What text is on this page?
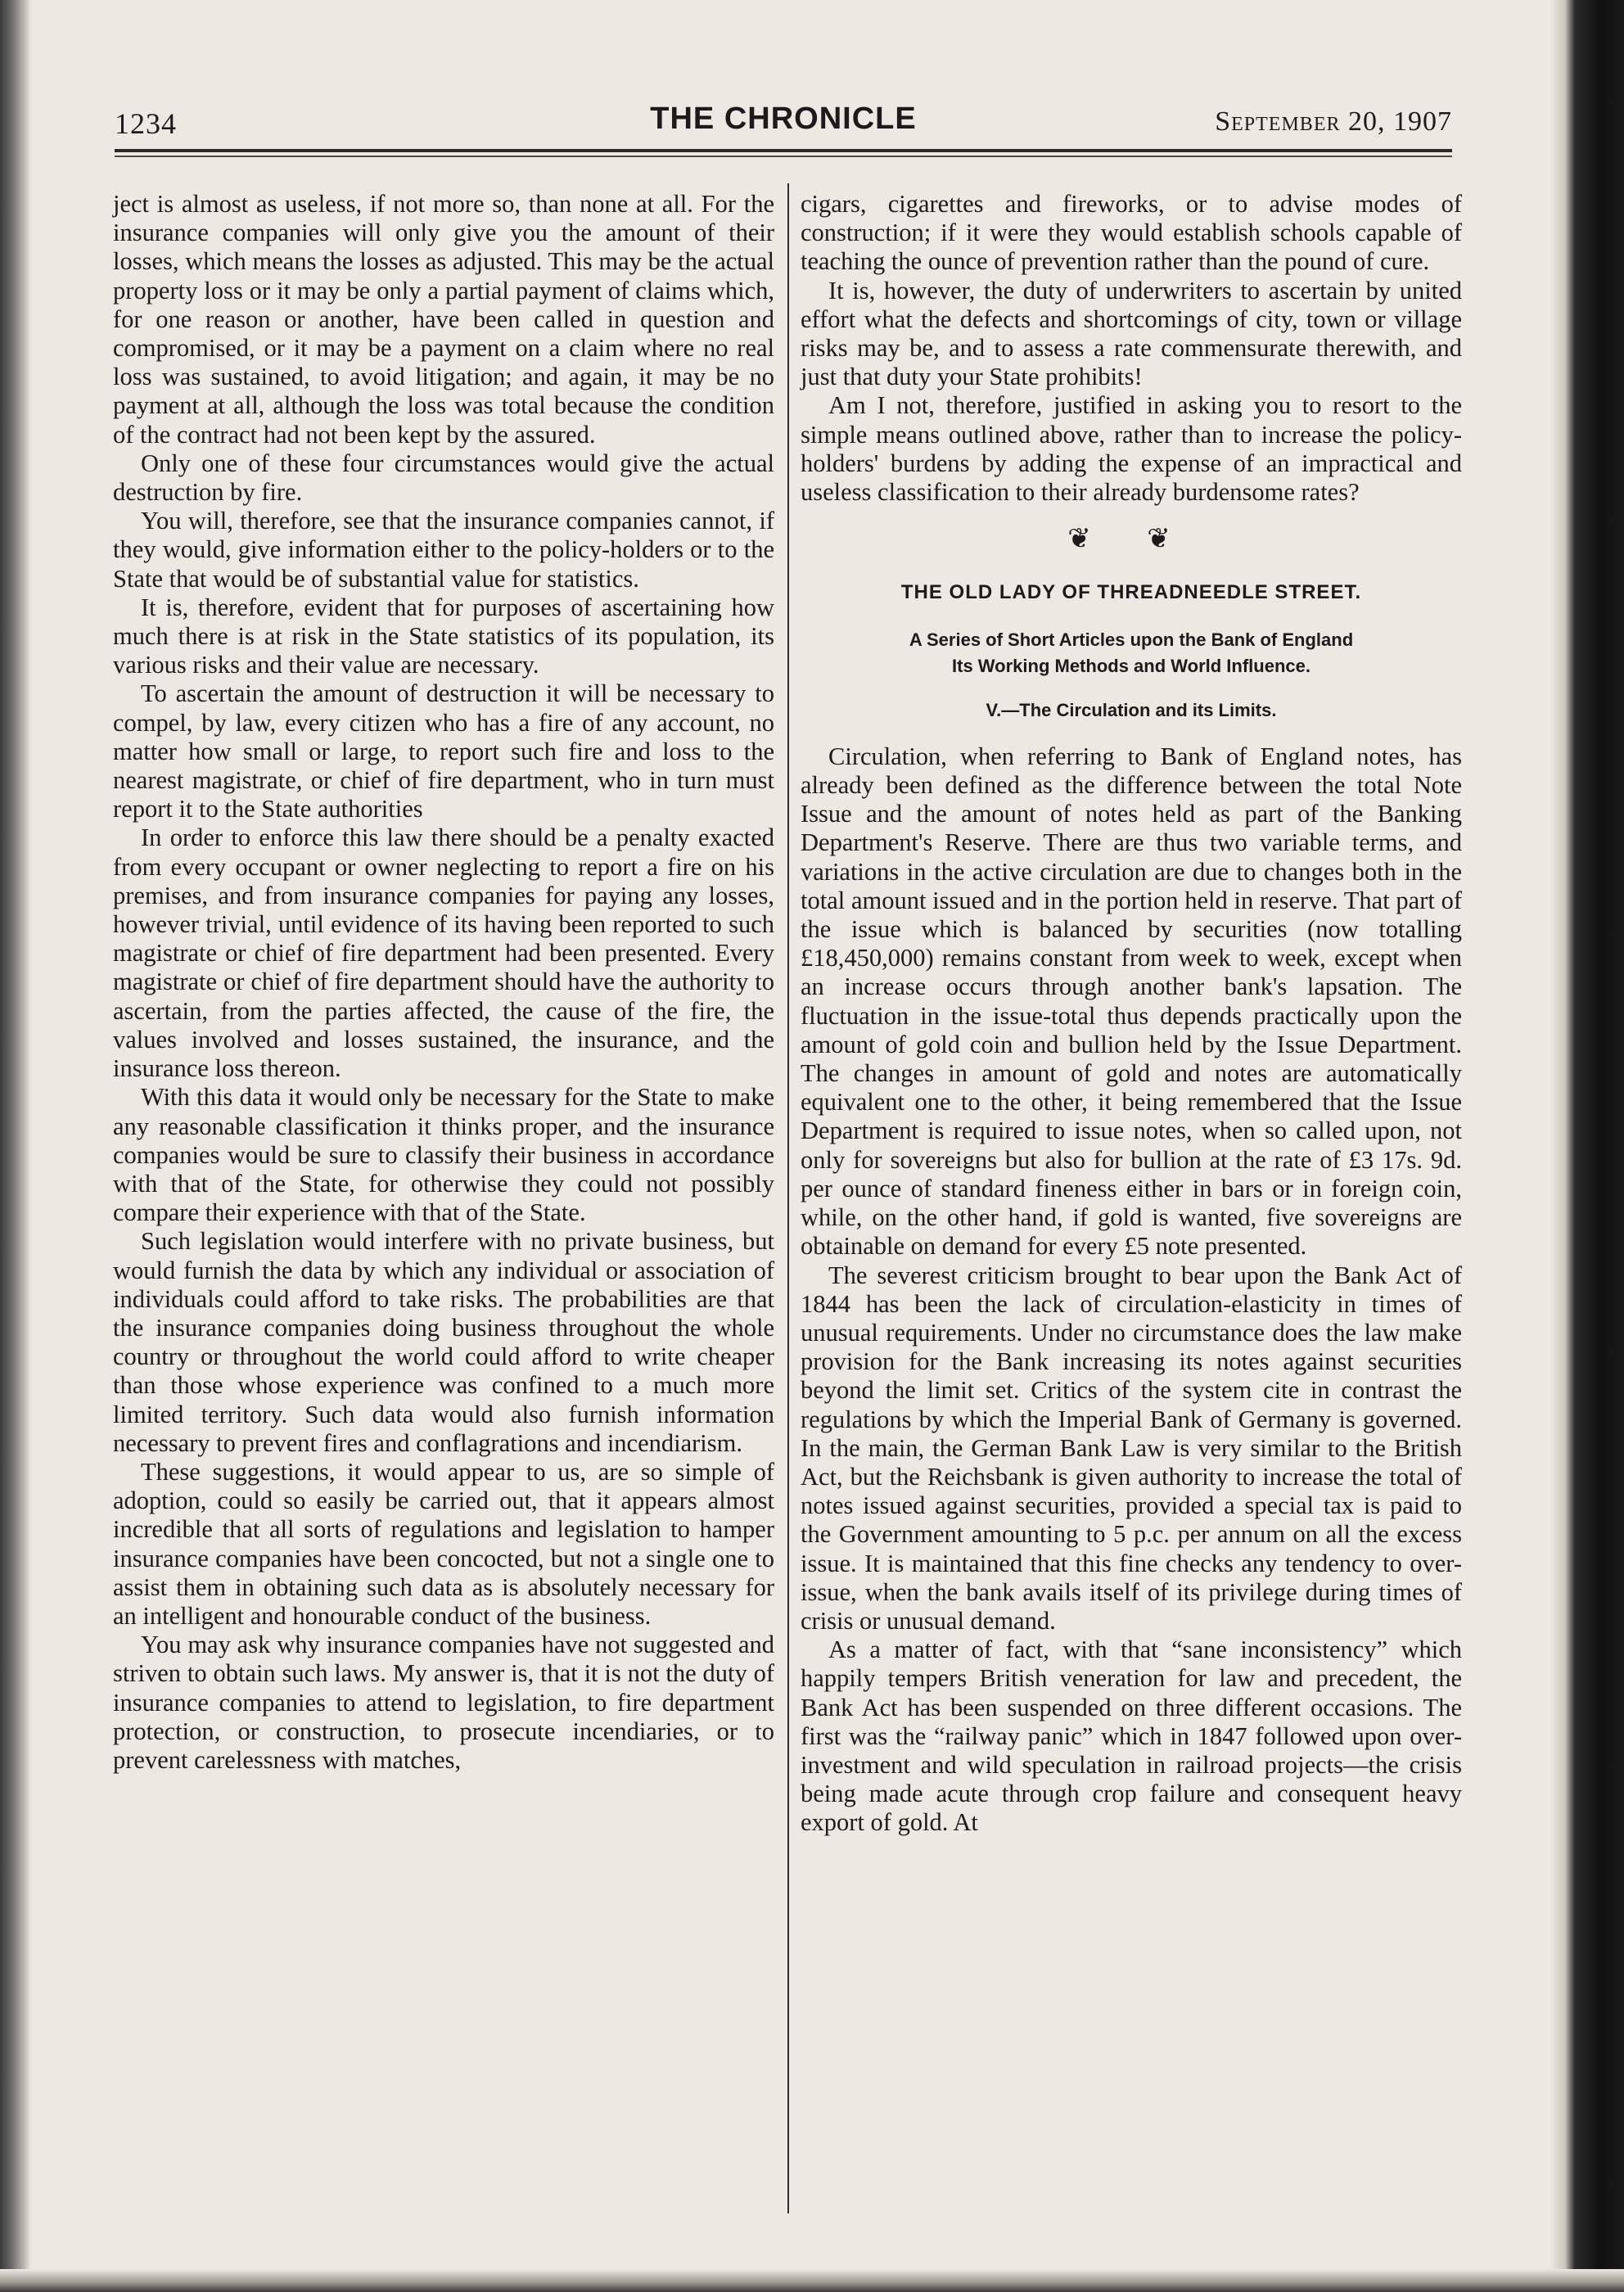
1234	THE CHRONICLE	September 20, 1907

ject is almost as useless, if not more so, than none at all. For the insurance companies will only give you the amount of their losses, which means the losses as adjusted. This may be the actual property loss or it may be only a partial payment of claims which, for one reason or another, have been called in question and compromised, or it may be a payment on a claim where no real loss was sustained, to avoid litigation; and again, it may be no payment at all, although the loss was total because the condition of the contract had not been kept by the assured.

Only one of these four circumstances would give the actual destruction by fire.

You will, therefore, see that the insurance companies cannot, if they would, give information either to the policy-holders or to the State that would be of substantial value for statistics.

It is, therefore, evident that for purposes of ascertaining how much there is at risk in the State statistics of its population, its various risks and their value are necessary.

To ascertain the amount of destruction it will be necessary to compel, by law, every citizen who has a fire of any account, no matter how small or large, to report such fire and loss to the nearest magistrate, or chief of fire department, who in turn must report it to the State authorities

In order to enforce this law there should be a penalty exacted from every occupant or owner neglecting to report a fire on his premises, and from insurance companies for paying any losses, however trivial, until evidence of its having been reported to such magistrate or chief of fire department had been presented. Every magistrate or chief of fire department should have the authority to ascertain, from the parties affected, the cause of the fire, the values involved and losses sustained, the insurance, and the insurance loss thereon.

With this data it would only be necessary for the State to make any reasonable classification it thinks proper, and the insurance companies would be sure to classify their business in accordance with that of the State, for otherwise they could not possibly compare their experience with that of the State.

Such legislation would interfere with no private business, but would furnish the data by which any individual or association of individuals could afford to take risks. The probabilities are that the insurance companies doing business throughout the whole country or throughout the world could afford to write cheaper than those whose experience was confined to a much more limited territory. Such data would also furnish information necessary to prevent fires and conflagrations and incendiarism.

These suggestions, it would appear to us, are so simple of adoption, could so easily be carried out, that it appears almost incredible that all sorts of regulations and legislation to hamper insurance companies have been concocted, but not a single one to assist them in obtaining such data as is absolutely necessary for an intelligent and honourable conduct of the business.

You may ask why insurance companies have not suggested and striven to obtain such laws. My answer is, that it is not the duty of insurance companies to attend to legislation, to fire department protection, or construction, to prosecute incendiaries, or to prevent carelessness with matches,

cigars, cigarettes and fireworks, or to advise modes of construction; if it were they would establish schools capable of teaching the ounce of prevention rather than the pound of cure.

It is, however, the duty of underwriters to ascertain by united effort what the defects and shortcomings of city, town or village risks may be, and to assess a rate commensurate therewith, and just that duty your State prohibits!

Am I not, therefore, justified in asking you to resort to the simple means outlined above, rather than to increase the policy-holders' burdens by adding the expense of an impractical and useless classification to their already burdensome rates?

❦ ❦
THE OLD LADY OF THREADNEEDLE STREET.
A Series of Short Articles upon the Bank of England
Its Working Methods and World Influence.
V.—The Circulation and its Limits.

Circulation, when referring to Bank of England notes, has already been defined as the difference between the total Note Issue and the amount of notes held as part of the Banking Department's Reserve. There are thus two variable terms, and variations in the active circulation are due to changes both in the total amount issued and in the portion held in reserve. That part of the issue which is balanced by securities (now totalling £18,450,000) remains constant from week to week, except when an increase occurs through another bank's lapsation. The fluctuation in the issue-total thus depends practically upon the amount of gold coin and bullion held by the Issue Department. The changes in amount of gold and notes are automatically equivalent one to the other, it being remembered that the Issue Department is required to issue notes, when so called upon, not only for sovereigns but also for bullion at the rate of £3 17s. 9d. per ounce of standard fineness either in bars or in foreign coin, while, on the other hand, if gold is wanted, five sovereigns are obtainable on demand for every £5 note presented.

The severest criticism brought to bear upon the Bank Act of 1844 has been the lack of circulation-elasticity in times of unusual requirements. Under no circumstance does the law make provision for the Bank increasing its notes against securities beyond the limit set. Critics of the system cite in contrast the regulations by which the Imperial Bank of Germany is governed. In the main, the German Bank Law is very similar to the British Act, but the Reichsbank is given authority to increase the total of notes issued against securities, provided a special tax is paid to the Government amounting to 5 p.c. per annum on all the excess issue. It is maintained that this fine checks any tendency to over-issue, when the bank avails itself of its privilege during times of crisis or unusual demand.

As a matter of fact, with that “sane inconsistency” which happily tempers British veneration for law and precedent, the Bank Act has been suspended on three different occasions. The first was the “railway panic” which in 1847 followed upon over-investment and wild speculation in railroad projects—the crisis being made acute through crop failure and consequent heavy export of gold. At
